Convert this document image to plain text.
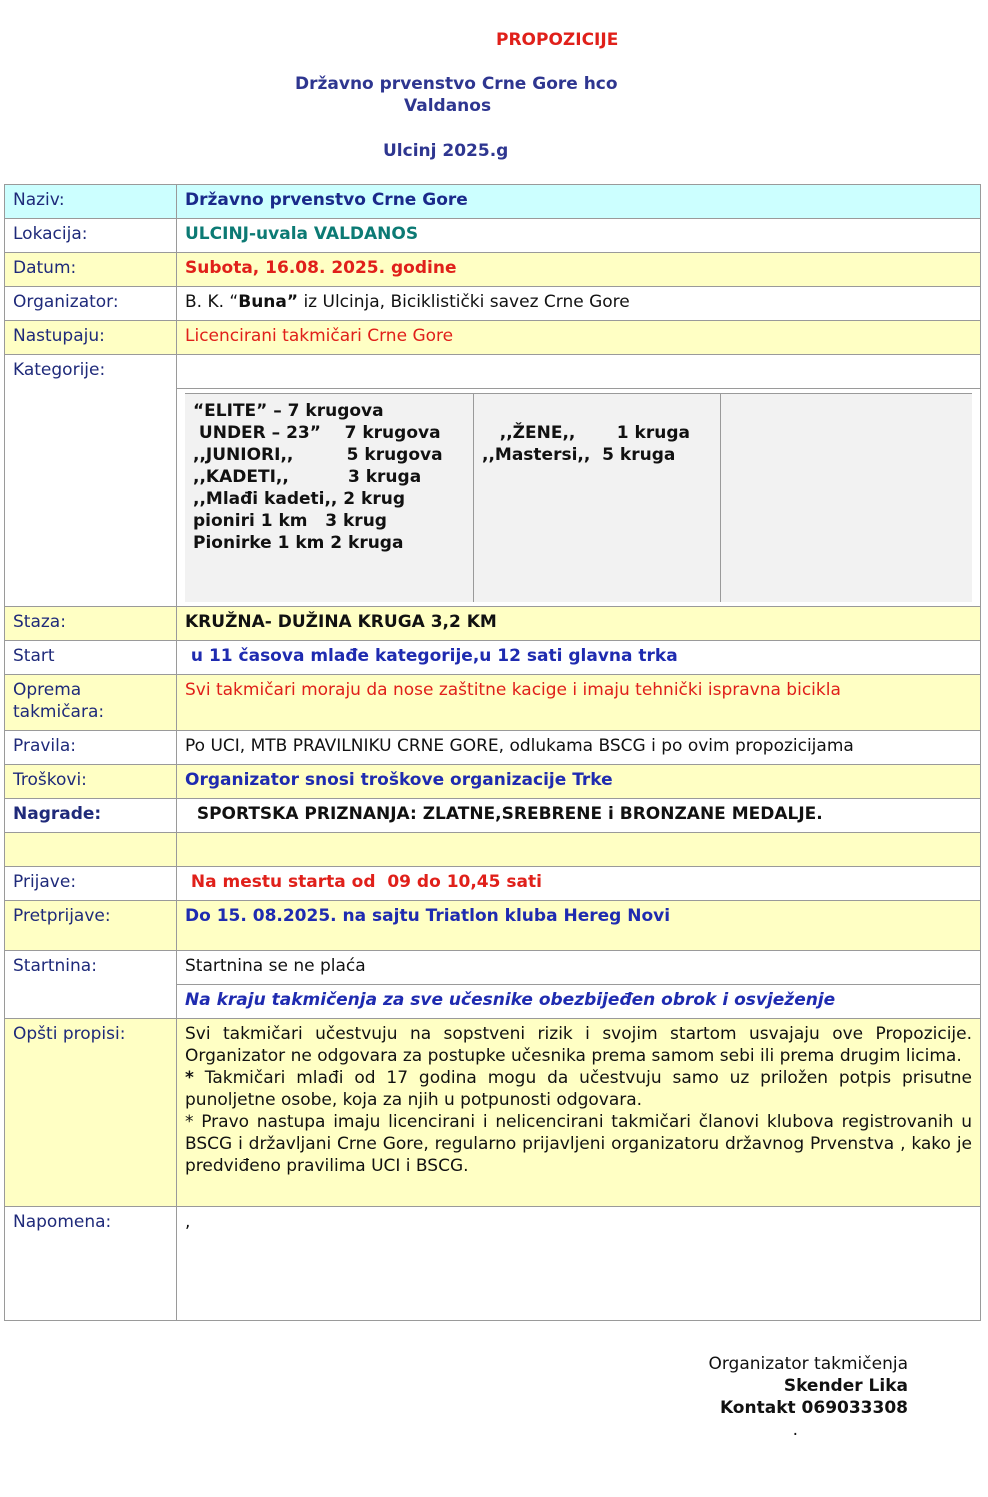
PROPOZICIJE
Državno prvenstvo Crne Gore hco
Valdanos
Ulcinj 2025.g
Naziv:	Državno prvenstvo Crne Gore
Lokacija:	ULCINJ-uvala VALDANOS
Datum:	Subota, 16.08. 2025. godine
Organizator:	B. K. “Buna” iz Ulcinja, Biciklistički savez Crne Gore
Nastupaju:	Licencirani takmičari Crne Gore
Kategorije:	

“ELITE” – 7 krugova
UNDER – 23”    7 krugova
,,JUNIORI,,         5 krugova
,,KADETI,,          3 kruga
,,Mlađi kadeti,, 2 krug
pioniri 1 km   3 krug
Pionirke 1 km 2 kruga

,,ŽENE,,       1 kruga
,,Mastersi,,  5 kruga

Staza:	KRUŽNA- DUŽINA KRUGA 3,2 KM
Start	u 11 časova mlađe kategorije,u 12 sati glavna trka
Oprema takmičara:	Svi takmičari moraju da nose zaštitne kacige i imaju tehnički ispravna bicikla
Pravila:	Po UCI, MTB PRAVILNIKU CRNE GORE, odlukama BSCG i po ovim propozicijama
Troškovi:	Organizator snosi troškove organizacije Trke
Nagrade:	SPORTSKA PRIZNANJA: ZLATNE,SREBRENE i BRONZANE MEDALJE.

Prijave:	Na mestu starta od  09 do 10,45 sati
Pretprijave:	Do 15. 08.2025. na sajtu Triatlon kluba Hereg Novi
Startnina:	Startnina se ne plaća
Na kraju takmičenja za sve učesnike obezbijeđen obrok i osvježenje
Opšti propisi:	Svi takmičari učestvuju na sopstveni rizik i svojim startom usvajaju ove Propozicije. Organizator ne odgovara za postupke učesnika prema samom sebi ili prema drugim licima.
* Takmičari mlađi od 17 godina mogu da učestvuju samo uz priložen potpis prisutne punoljetne osobe, koja za njih u potpunosti odgovara.
* Pravo nastupa imaju licencirani i nelicencirani takmičari članovi klubova registrovanih u BSCG i državljani Crne Gore, regularno prijavljeni organizatoru državnog Prvenstva , kako je predviđeno pravilima UCI i BSCG.

Napomena:	,
Organizator takmičenja
Skender Lika
Kontakt 069033308
.
